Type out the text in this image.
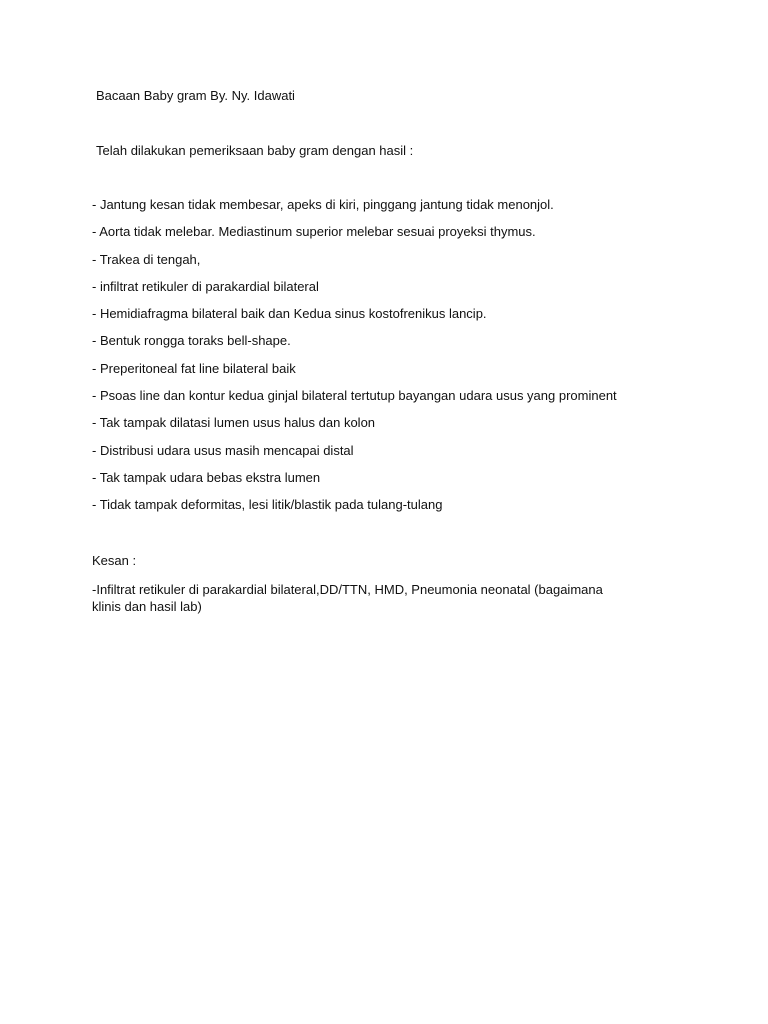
Bacaan Baby gram By. Ny. Idawati
Telah dilakukan pemeriksaan baby gram dengan hasil :
- Jantung kesan tidak membesar, apeks di kiri, pinggang jantung tidak menonjol.
- Aorta tidak melebar. Mediastinum superior melebar sesuai proyeksi thymus.
- Trakea di tengah,
- infiltrat retikuler di parakardial bilateral
- Hemidiafragma bilateral baik dan Kedua sinus kostofrenikus lancip.
- Bentuk rongga toraks bell-shape.
- Preperitoneal fat line bilateral baik
- Psoas line dan kontur kedua ginjal bilateral tertutup bayangan udara usus yang prominent
- Tak tampak dilatasi lumen usus halus dan kolon
- Distribusi udara usus masih mencapai distal
- Tak tampak udara bebas ekstra lumen
- Tidak tampak deformitas, lesi litik/blastik pada tulang-tulang
Kesan :
-Infiltrat retikuler di parakardial bilateral,DD/TTN, HMD, Pneumonia neonatal (bagaimana klinis dan hasil lab)
